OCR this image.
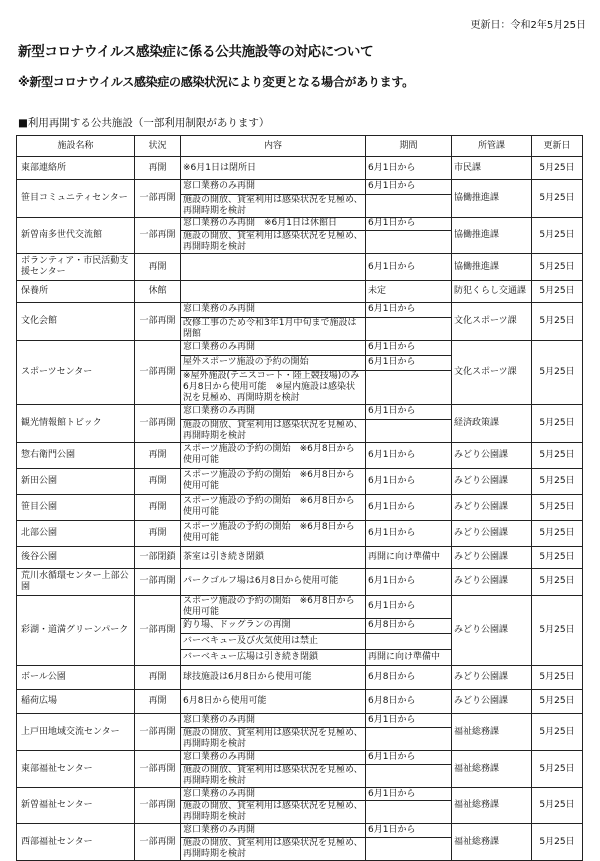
更新日：令和2年5月25日
新型コロナウイルス感染症に係る公共施設等の対応について
※新型コロナウイルス感染症の感染状況により変更となる場合があります。
■利用再開する公共施設（一部利用制限があります）
施設名称	状況	内容	期間	所管課	更新日
東部連絡所	再開	※6月1日は閉所日	6月1日から	市民課	5月25日
笹目コミュニティセンター	一部再開	窓口業務のみ再開	6月1日から	協働推進課	5月25日
		施設の開放、貸室利用は感染状況を見極め、再開時期を検討			
新曽南多世代交流館	一部再開	窓口業務のみ再開　※6月1日は休館日	6月1日から	協働推進課	5月25日
		施設の開放、貸室利用は感染状況を見極め、再開時期を検討			
ボランティア・市民活動支援センター	再開		6月1日から	協働推進課	5月25日
保養所	休館		未定	防犯くらし交通課	5月25日
文化会館	一部再開	窓口業務のみ再開	6月1日から	文化スポーツ課	5月25日
		改修工事のため令和3年1月中旬まで施設は閉館			
スポーツセンター	一部再開	窓口業務のみ再開	6月1日から	文化スポーツ課	5月25日
		屋外スポーツ施設の予約の開始	6月1日から		
		※屋外施設(テニスコート・陸上競技場)のみ6月8日から使用可能　※屋内施設は感染状況を見極め、再開時期を検討			
観光情報館トビック	一部再開	窓口業務のみ再開	6月1日から	経済政策課	5月25日
		施設の開放、貸室利用は感染状況を見極め、再開時期を検討			
惣右衛門公園	再開	スポーツ施設の予約の開始　※6月8日から使用可能	6月1日から	みどり公園課	5月25日
新田公園	再開	スポーツ施設の予約の開始　※6月8日から使用可能	6月1日から	みどり公園課	5月25日
笹目公園	再開	スポーツ施設の予約の開始　※6月8日から使用可能	6月1日から	みどり公園課	5月25日
北部公園	再開	スポーツ施設の予約の開始　※6月8日から使用可能	6月1日から	みどり公園課	5月25日
後谷公園	一部閉鎖	茶室は引き続き閉鎖	再開に向け準備中	みどり公園課	5月25日
荒川水循環センター上部公園	一部再開	パークゴルフ場は6月8日から使用可能	6月1日から	みどり公園課	5月25日
彩湖・道満グリーンパーク	一部再開	スポーツ施設の予約の開始　※6月8日から使用可能	6月1日から	みどり公園課	5月25日
		釣り場、ドッグランの再開	6月8日から		
		バーベキュー及び火気使用は禁止			
		バーベキュー広場は引き続き閉鎖	再開に向け準備中		
ボール公園	再開	球技施設は6月8日から使用可能	6月8日から	みどり公園課	5月25日
稲荷広場	再開	6月8日から使用可能	6月8日から	みどり公園課	5月25日
上戸田地域交流センター	一部再開	窓口業務のみ再開	6月1日から	福祉総務課	5月25日
		施設の開放、貸室利用は感染状況を見極め、再開時期を検討			
東部福祉センター	一部再開	窓口業務のみ再開	6月1日から	福祉総務課	5月25日
		施設の開放、貸室利用は感染状況を見極め、再開時期を検討			
新曽福祉センター	一部再開	窓口業務のみ再開	6月1日から	福祉総務課	5月25日
		施設の開放、貸室利用は感染状況を見極め、再開時期を検討			
西部福祉センター	一部再開	窓口業務のみ再開	6月1日から	福祉総務課	5月25日
		施設の開放、貸室利用は感染状況を見極め、再開時期を検討			
